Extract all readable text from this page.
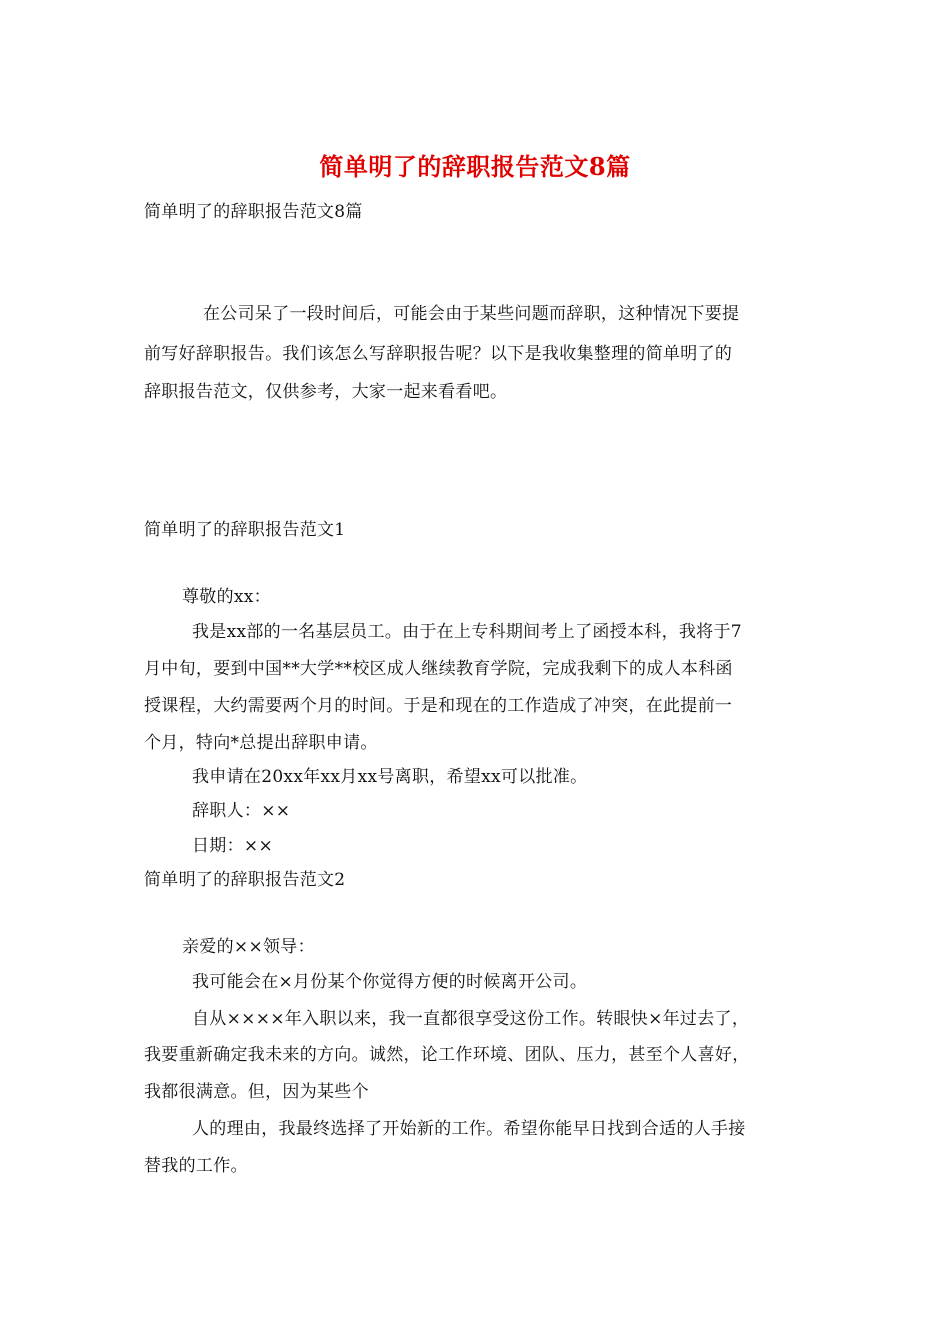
简单明了的辞职报告范文8篇
简单明了的辞职报告范文8篇
在公司呆了一段时间后，可能会由于某些问题而辞职，这种情况下要提
前写好辞职报告。我们该怎么写辞职报告呢？以下是我收集整理的简单明了的
辞职报告范文，仅供参考，大家一起来看看吧。
简单明了的辞职报告范文1
尊敬的xx：
我是xx部的一名基层员工。由于在上专科期间考上了函授本科，我将于7
月中旬，要到中国**大学**校区成人继续教育学院，完成我剩下的成人本科函
授课程，大约需要两个月的时间。于是和现在的工作造成了冲突，在此提前一
个月，特向*总提出辞职申请。
我申请在20xx年xx月xx号离职，希望xx可以批准。
辞职人：××
日期：××
简单明了的辞职报告范文2
亲爱的××领导：
我可能会在×月份某个你觉得方便的时候离开公司。
自从××××年入职以来，我一直都很享受这份工作。转眼快×年过去了，
我要重新确定我未来的方向。诚然，论工作环境、团队、压力，甚至个人喜好，
我都很满意。但，因为某些个
人的理由，我最终选择了开始新的工作。希望你能早日找到合适的人手接
替我的工作。
